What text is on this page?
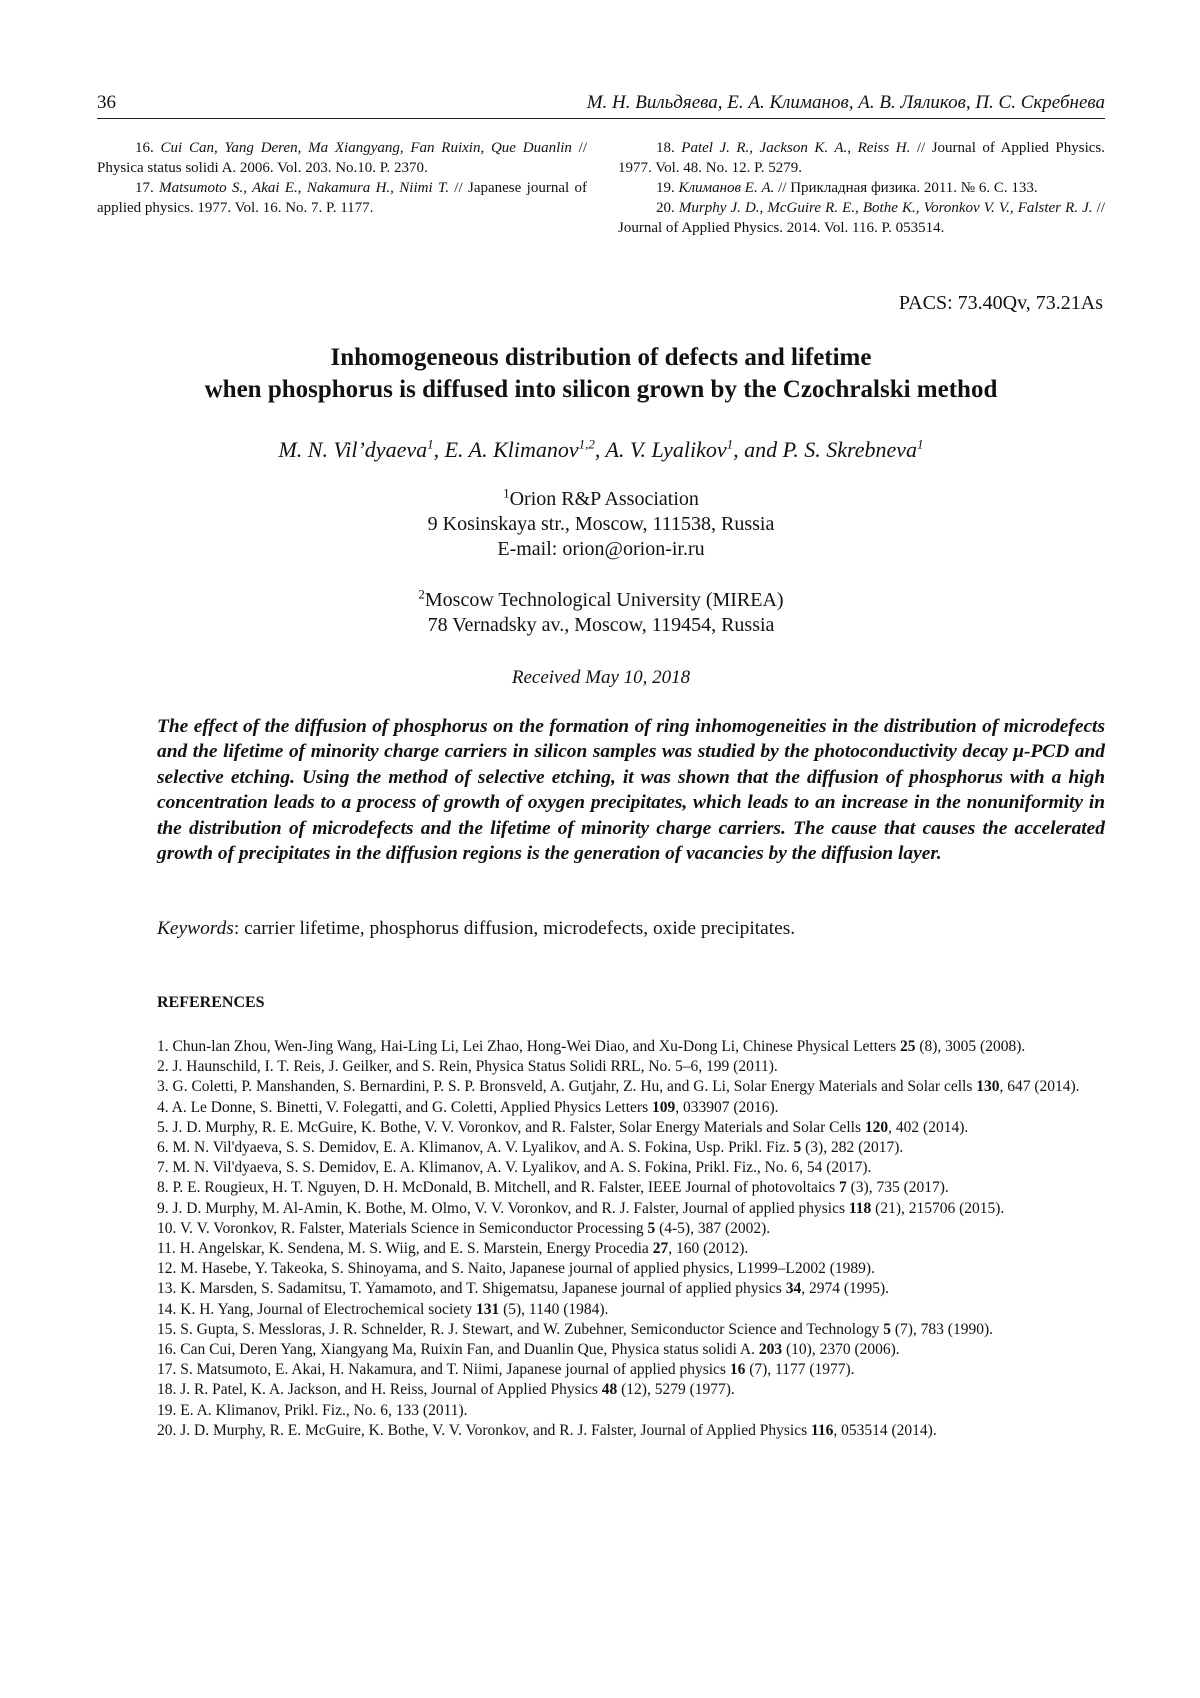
36	М. Н. Вильдяева, Е. А. Климанов, А. В. Ляликов, П. С. Скребнева

16. Cui Can, Yang Deren, Ma Xiangyang, Fan Ruixin, Que Duanlin // Physica status solidi A. 2006. Vol. 203. No.10. P. 2370.

17. Matsumoto S., Akai E., Nakamura H., Niimi T. // Japanese journal of applied physics. 1977. Vol. 16. No. 7. P. 1177.

18. Patel J. R., Jackson K. A., Reiss H. // Journal of Applied Physics. 1977. Vol. 48. No. 12. P. 5279.

19. Климанов Е. А. // Прикладная физика. 2011. № 6. С. 133.

20. Murphy J. D., McGuire R. E., Bothe K., Voronkov V. V., Falster R. J. // Journal of Applied Physics. 2014. Vol. 116. P. 053514.

PACS: 73.40Qv, 73.21As
Inhomogeneous distribution of defects and lifetime
when phosphorus is diffused into silicon grown by the Czochralski method
M. N. Vil’dyaeva1, E. A. Klimanov1,2, A. V. Lyalikov1, and P. S. Skrebneva1
1Orion R&P Association
9 Kosinskaya str., Moscow, 111538, Russia
E-mail: orion@orion-ir.ru
2Moscow Technological University (MIREA)
78 Vernadsky av., Moscow, 119454, Russia
Received May 10, 2018

The effect of the diffusion of phosphorus on the formation of ring inhomogeneities in the distribution of microdefects and the lifetime of minority charge carriers in silicon samples was studied by the photoconductivity decay μ-PCD and selective etching. Using the method of selective etching, it was shown that the diffusion of phosphorus with a high concentration leads to a process of growth of oxygen precipitates, which leads to an increase in the nonuniformity in the distribution of microdefects and the lifetime of minority charge carriers. The cause that causes the accelerated growth of precipitates in the diffusion regions is the generation of vacancies by the diffusion layer.

Keywords: carrier lifetime, phosphorus diffusion, microdefects, oxide precipitates.

REFERENCES

1. Chun-lan Zhou, Wen-Jing Wang, Hai-Ling Li, Lei Zhao, Hong-Wei Diao, and Xu-Dong Li, Chinese Physical Letters 25 (8), 3005 (2008).

2. J. Haunschild, I. T. Reis, J. Geilker, and S. Rein, Physica Status Solidi RRL, No. 5–6, 199 (2011).

3. G. Coletti, P. Manshanden, S. Bernardini, P. S. P. Bronsveld, A. Gutjahr, Z. Hu, and G. Li, Solar Energy Materials and Solar cells 130, 647 (2014).

4. A. Le Donne, S. Binetti, V. Folegatti, and G. Coletti, Applied Physics Letters 109, 033907 (2016).

5. J. D. Murphy, R. E. McGuire, K. Bothe, V. V. Voronkov, and R. Falster, Solar Energy Materials and Solar Cells 120, 402 (2014).

6. M. N. Vil'dyaeva, S. S. Demidov, E. A. Klimanov, A. V. Lyalikov, and A. S. Fokina, Usp. Prikl. Fiz. 5 (3), 282 (2017).

7. M. N. Vil'dyaeva, S. S. Demidov, E. A. Klimanov, A. V. Lyalikov, and A. S. Fokina, Prikl. Fiz., No. 6, 54 (2017).

8. P. E. Rougieux, H. T. Nguyen, D. H. McDonald, B. Mitchell, and R. Falster, IEEE Journal of photovoltaics 7 (3), 735 (2017).

9. J. D. Murphy, M. Al-Amin, K. Bothe, M. Olmo, V. V. Voronkov, and R. J. Falster, Journal of applied physics 118 (21), 215706 (2015).

10. V. V. Voronkov, R. Falster, Materials Science in Semiconductor Processing 5 (4-5), 387 (2002).

11. H. Angelskar, K. Sendena, M. S. Wiig, and E. S. Marstein, Energy Procedia 27, 160 (2012).

12. M. Hasebe, Y. Takeoka, S. Shinoyama, and S. Naito, Japanese journal of applied physics, L1999–L2002 (1989).

13. K. Marsden, S. Sadamitsu, T. Yamamoto, and T. Shigematsu, Japanese journal of applied physics 34, 2974 (1995).

14. K. H. Yang, Journal of Electrochemical society 131 (5), 1140 (1984).

15. S. Gupta, S. Messloras, J. R. Schnelder, R. J. Stewart, and W. Zubehner, Semiconductor Science and Technology 5 (7), 783 (1990).

16. Can Cui, Deren Yang, Xiangyang Ma, Ruixin Fan, and Duanlin Que, Physica status solidi A. 203 (10), 2370 (2006).

17. S. Matsumoto, E. Akai, H. Nakamura, and T. Niimi, Japanese journal of applied physics 16 (7), 1177 (1977).

18. J. R. Patel, K. A. Jackson, and H. Reiss, Journal of Applied Physics 48 (12), 5279 (1977).

19. E. A. Klimanov, Prikl. Fiz., No. 6, 133 (2011).

20. J. D. Murphy, R. E. McGuire, K. Bothe, V. V. Voronkov, and R. J. Falster, Journal of Applied Physics 116, 053514 (2014).
